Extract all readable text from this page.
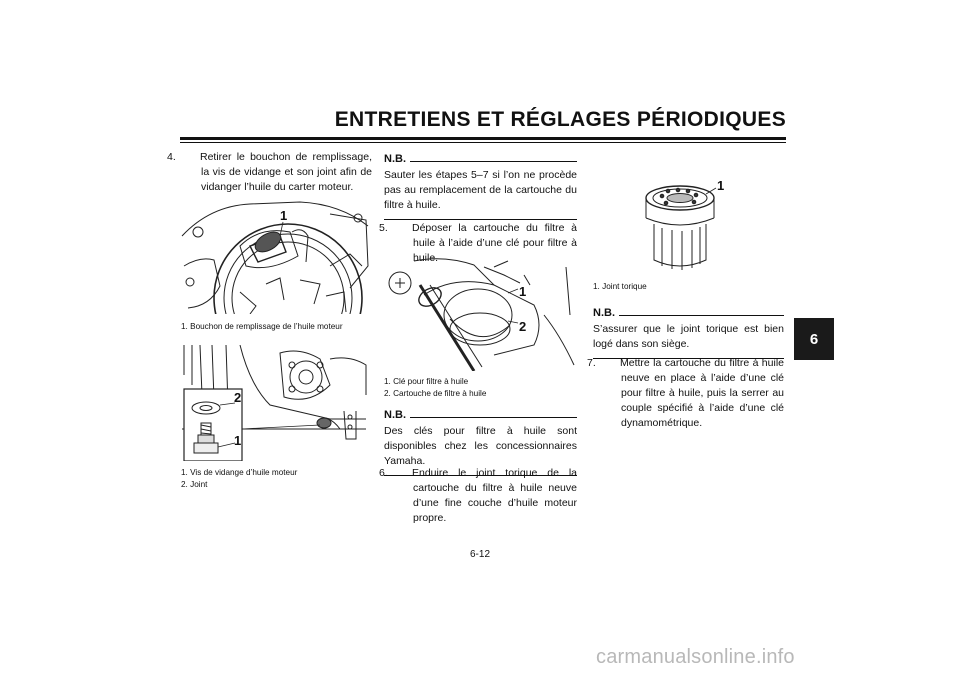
ENTRETIENS ET RÉGLAGES PÉRIODIQUES
6
4. Retirer le bouchon de remplissage, la vis de vidange et son joint afin de vidanger l’huile du carter moteur.
1
1. Bouchon de remplissage de l’huile moteur
2
1
1. Vis de vidange d’huile moteur
2. Joint
N.B.
Sauter les étapes 5–7 si l’on ne procède pas au remplacement de la cartouche du filtre à huile.
5. Déposer la cartouche du filtre à huile à l’aide d’une clé pour filtre à huile.
1
2
1. Clé pour filtre à huile
2. Cartouche de filtre à huile
N.B.
Des clés pour filtre à huile sont disponibles chez les concessionnaires Yamaha.
6. Enduire le joint torique de la cartouche du filtre à huile neuve d’une fine couche d’huile moteur propre.
1
1. Joint torique
N.B.
S’assurer que le joint torique est bien logé dans son siège.
7. Mettre la cartouche du filtre à huile neuve en place à l’aide d’une clé pour filtre à huile, puis la serrer au couple spécifié à l’aide d’une clé dynamométrique.
6-12
carmanualsonline.info
